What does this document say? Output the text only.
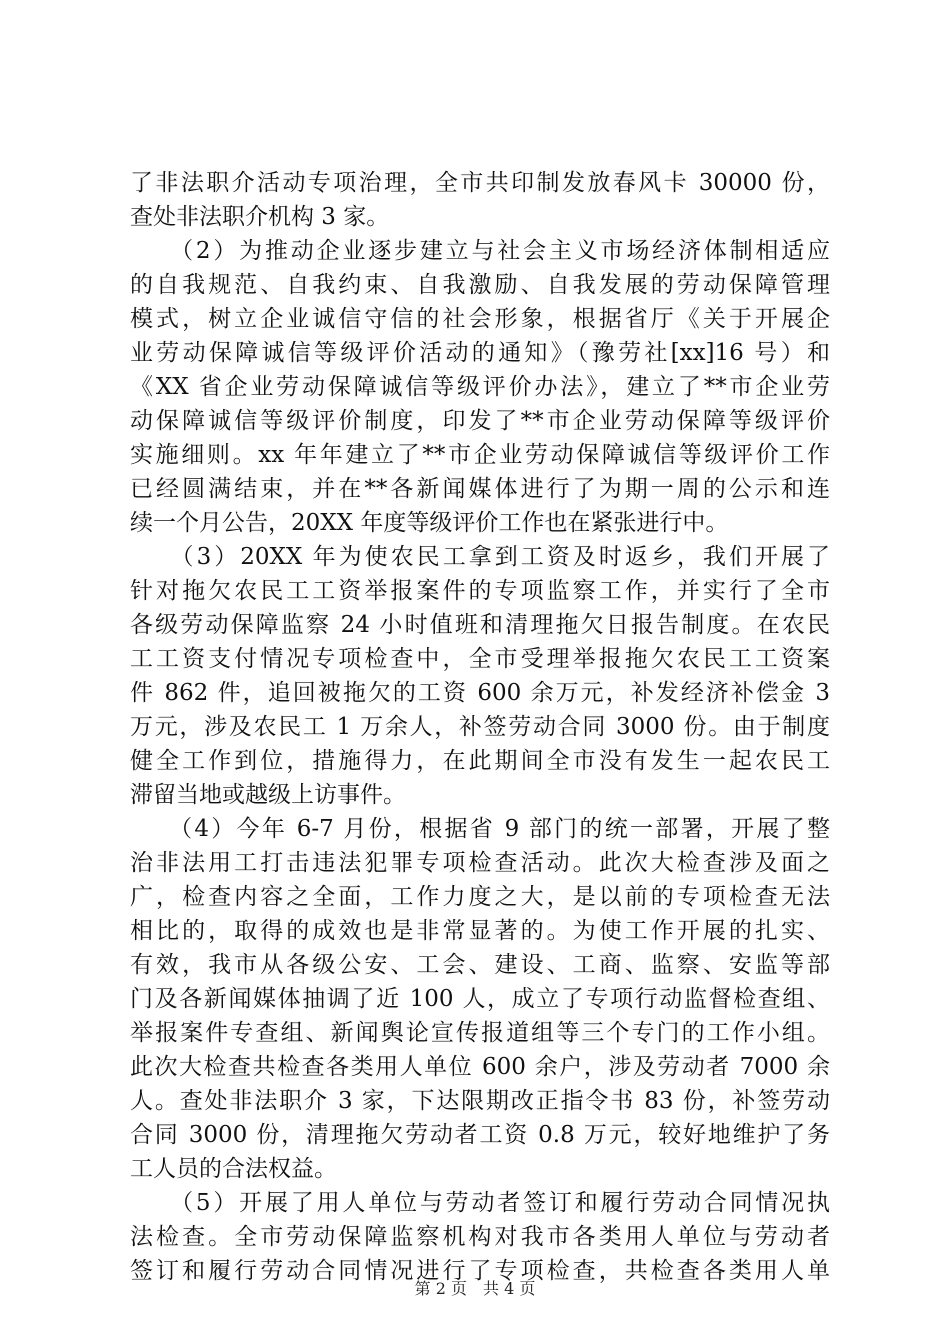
了非法职介活动专项治理，全市共印制发放春风卡 30000 份，
查处非法职介机构 3 家。
　　（2）为推动企业逐步建立与社会主义市场经济体制相适应
的自我规范、自我约束、自我激励、自我发展的劳动保障管理
模式，树立企业诚信守信的社会形象，根据省厅《关于开展企
业劳动保障诚信等级评价活动的通知》（豫劳社[xx]16 号）和
《XX 省企业劳动保障诚信等级评价办法》，建立了**市企业劳
动保障诚信等级评价制度，印发了**市企业劳动保障等级评价
实施细则。xx 年年建立了**市企业劳动保障诚信等级评价工作
已经圆满结束，并在**各新闻媒体进行了为期一周的公示和连
续一个月公告，20XX 年度等级评价工作也在紧张进行中。
　　（3）20XX 年为使农民工拿到工资及时返乡，我们开展了
针对拖欠农民工工资举报案件的专项监察工作，并实行了全市
各级劳动保障监察 24 小时值班和清理拖欠日报告制度。在农民
工工资支付情况专项检查中，全市受理举报拖欠农民工工资案
件 862 件，追回被拖欠的工资 600 余万元，补发经济补偿金 3
万元，涉及农民工 1 万余人，补签劳动合同 3000 份。由于制度
健全工作到位，措施得力，在此期间全市没有发生一起农民工
滞留当地或越级上访事件。
　　（4）今年 6-7 月份，根据省 9 部门的统一部署，开展了整
治非法用工打击违法犯罪专项检查活动。此次大检查涉及面之
广，检查内容之全面，工作力度之大，是以前的专项检查无法
相比的，取得的成效也是非常显著的。为使工作开展的扎实、
有效，我市从各级公安、工会、建设、工商、监察、安监等部
门及各新闻媒体抽调了近 100 人，成立了专项行动监督检查组、
举报案件专查组、新闻舆论宣传报道组等三个专门的工作小组。
此次大检查共检查各类用人单位 600 余户，涉及劳动者 7000 余
人。查处非法职介 3 家，下达限期改正指令书 83 份，补签劳动
合同 3000 份，清理拖欠劳动者工资 0.8 万元，较好地维护了务
工人员的合法权益。
　　（5）开展了用人单位与劳动者签订和履行劳动合同情况执
法检查。全市劳动保障监察机构对我市各类用人单位与劳动者
签订和履行劳动合同情况进行了专项检查，共检查各类用人单
第 2 页　共 4 页
